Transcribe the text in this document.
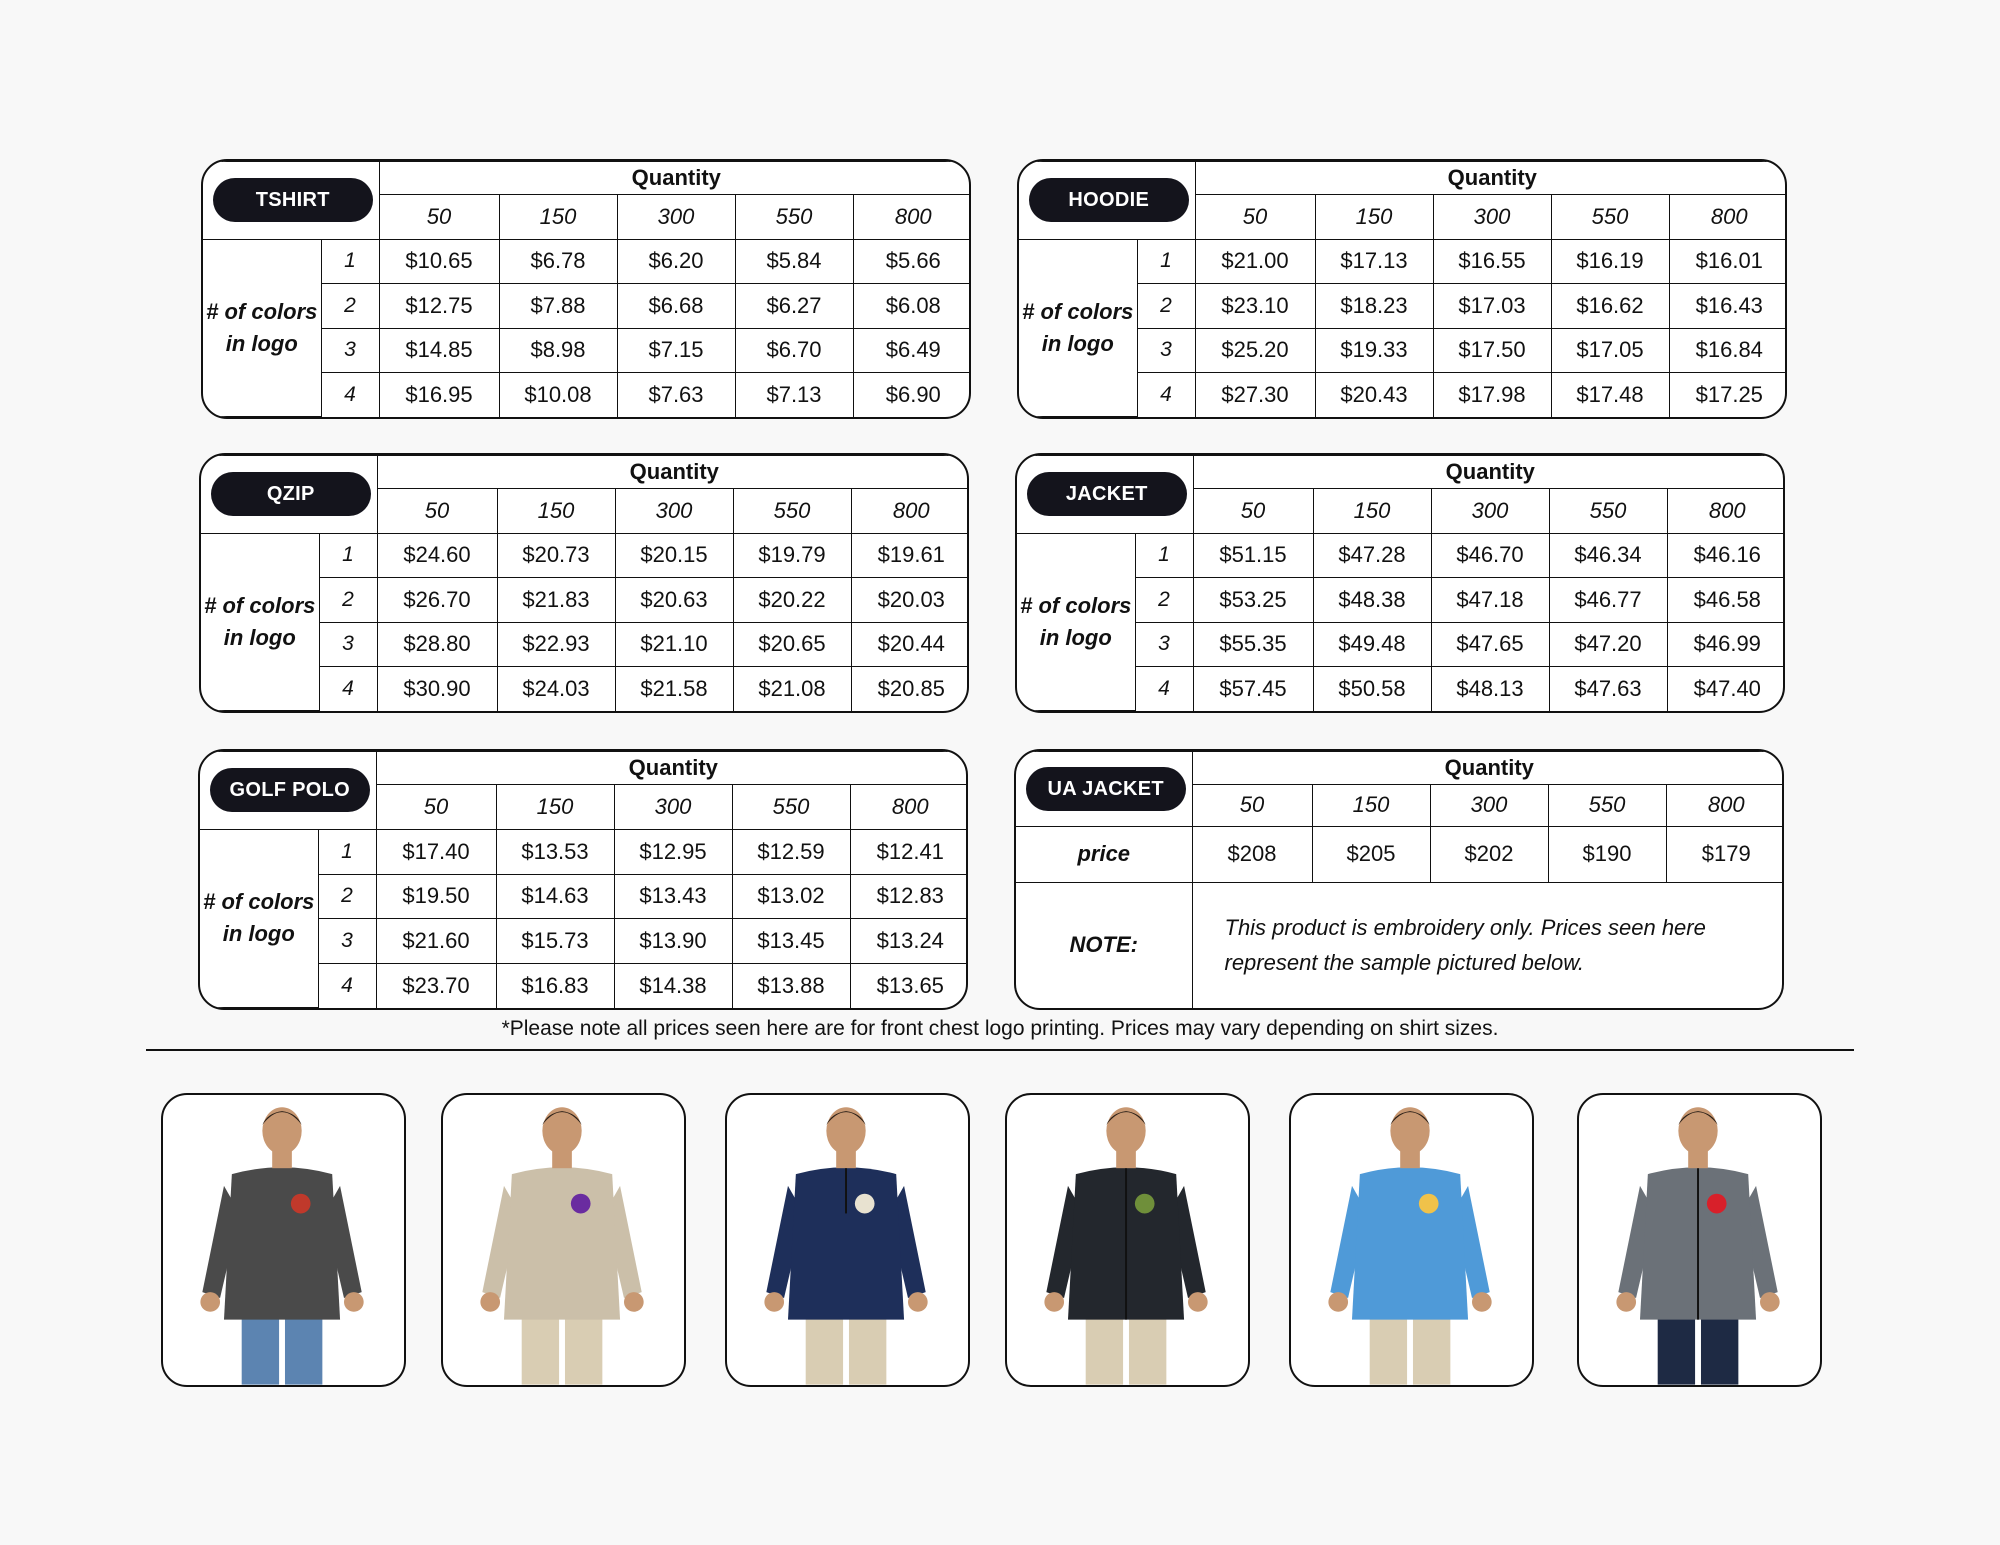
TSHIRT		Quantity				
		50	150	300	550	800
# of colors in logo	1	$10.65	$6.78	$6.20	$5.84	$5.66
	2	$12.75	$7.88	$6.68	$6.27	$6.08
	3	$14.85	$8.98	$7.15	$6.70	$6.49
	4	$16.95	$10.08	$7.63	$7.13	$6.90
HOODIE		Quantity				
		50	150	300	550	800
# of colors in logo	1	$21.00	$17.13	$16.55	$16.19	$16.01
	2	$23.10	$18.23	$17.03	$16.62	$16.43
	3	$25.20	$19.33	$17.50	$17.05	$16.84
	4	$27.30	$20.43	$17.98	$17.48	$17.25
QZIP		Quantity				
		50	150	300	550	800
# of colors in logo	1	$24.60	$20.73	$20.15	$19.79	$19.61
	2	$26.70	$21.83	$20.63	$20.22	$20.03
	3	$28.80	$22.93	$21.10	$20.65	$20.44
	4	$30.90	$24.03	$21.58	$21.08	$20.85
JACKET		Quantity				
		50	150	300	550	800
# of colors in logo	1	$51.15	$47.28	$46.70	$46.34	$46.16
	2	$53.25	$48.38	$47.18	$46.77	$46.58
	3	$55.35	$49.48	$47.65	$47.20	$46.99
	4	$57.45	$50.58	$48.13	$47.63	$47.40
GOLF POLO		Quantity				
		50	150	300	550	800
# of colors in logo	1	$17.40	$13.53	$12.95	$12.59	$12.41
	2	$19.50	$14.63	$13.43	$13.02	$12.83
	3	$21.60	$15.73	$13.90	$13.45	$13.24
	4	$23.70	$16.83	$14.38	$13.88	$13.65
UA JACKET	Quantity				
	50	150	300	550	800
price	$208	$205	$202	$190	$179
NOTE:	This product is embroidery only. Prices seen here represent the sample pictured below.				
*Please note all prices seen here are for front chest logo printing. Prices may vary depending on shirt sizes.
